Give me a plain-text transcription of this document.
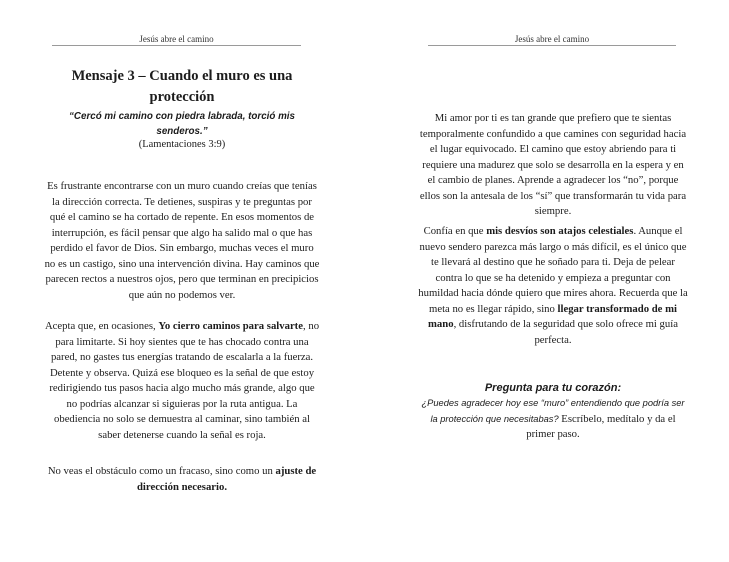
Jesús abre el camino
Mensaje 3 – Cuando el muro es una protección
“Cercó mi camino con piedra labrada, torció mis senderos.”
(Lamentaciones 3:9)
Es frustrante encontrarse con un muro cuando creías que tenías la dirección correcta. Te detienes, suspiras y te preguntas por qué el camino se ha cortado de repente. En esos momentos de interrupción, es fácil pensar que algo ha salido mal o que has perdido el favor de Dios. Sin embargo, muchas veces el muro no es un castigo, sino una intervención divina. Hay caminos que parecen rectos a nuestros ojos, pero que terminan en precipicios que aún no podemos ver.
Acepta que, en ocasiones, Yo cierro caminos para salvarte, no para limitarte. Si hoy sientes que te has chocado contra una pared, no gastes tus energías tratando de escalarla a la fuerza. Detente y observa. Quizá ese bloqueo es la señal de que estoy redirigiendo tus pasos hacia algo mucho más grande, algo que no podrías alcanzar si siguieras por la ruta antigua. La obediencia no solo se demuestra al caminar, sino también al saber detenerse cuando la señal es roja.
No veas el obstáculo como un fracaso, sino como un ajuste de dirección necesario.
Jesús abre el camino
Mi amor por ti es tan grande que prefiero que te sientas temporalmente confundido a que camines con seguridad hacia el lugar equivocado. El camino que estoy abriendo para ti requiere una madurez que solo se desarrolla en la espera y en el cambio de planes. Aprende a agradecer los “no”, porque ellos son la antesala de los “sí” que transformarán tu vida para siempre.
Confía en que mis desvíos son atajos celestiales. Aunque el nuevo sendero parezca más largo o más difícil, es el único que te llevará al destino que he soñado para ti. Deja de pelear contra lo que se ha detenido y empieza a preguntar con humildad hacia dónde quiero que mires ahora. Recuerda que la meta no es llegar rápido, sino llegar transformado de mi mano, disfrutando de la seguridad que solo ofrece mi guía perfecta.
Pregunta para tu corazón:
¿Puedes agradecer hoy ese “muro” entendiendo que podría ser la protección que necesitabas? Escríbelo, medítalo y da el primer paso.
